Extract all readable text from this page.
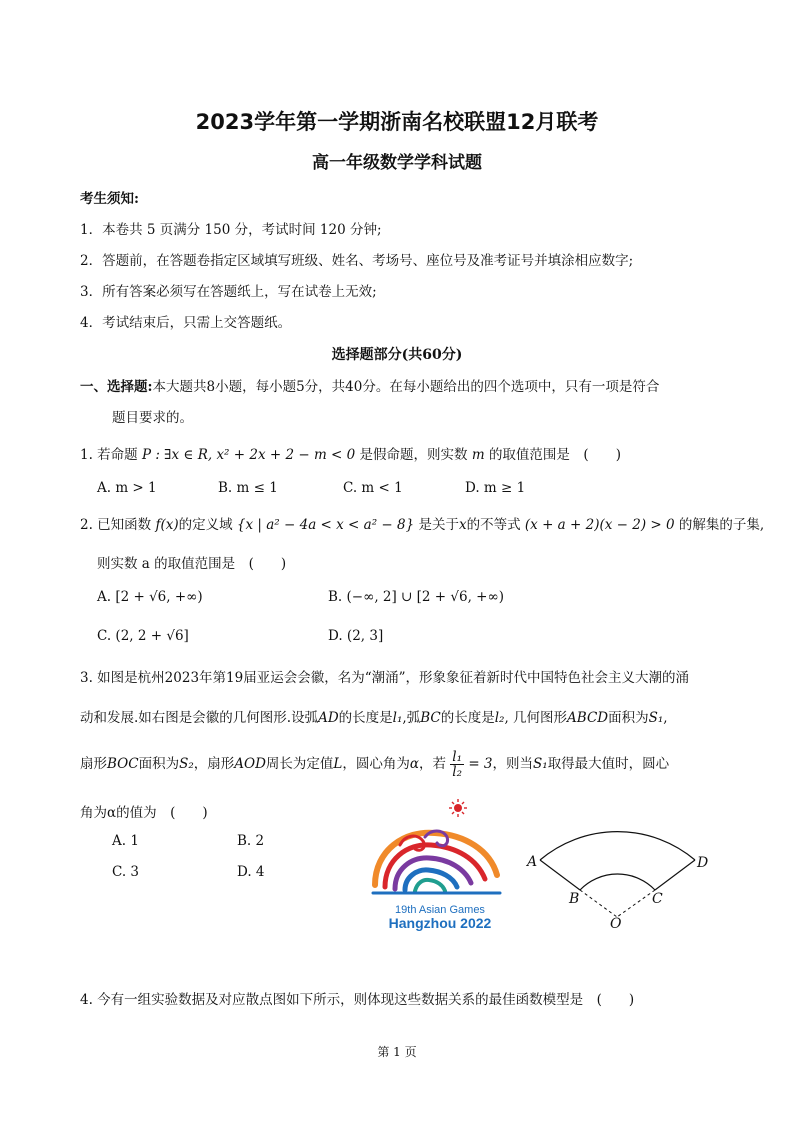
2023学年第一学期浙南名校联盟12月联考
高一年级数学学科试题
考生须知:
1．本卷共 5 页满分 150 分，考试时间 120 分钟;
2．答题前，在答题卷指定区域填写班级、姓名、考场号、座位号及准考证号并填涂相应数字;
3．所有答案必须写在答题纸上，写在试卷上无效;
4．考试结束后，只需上交答题纸。
选择题部分(共60分)
一、选择题:本大题共8小题，每小题5分，共40分。在每小题给出的四个选项中，只有一项是符合
题目要求的。
1. 若命题 P : ∃x ∈ R, x² + 2x + 2 − m < 0 是假命题，则实数 m 的取值范围是　(　　)
A. m > 1	B. m ≤ 1	C. m < 1	D. m ≥ 1
2. 已知函数 f(x)的定义域 {x | a² − 4a < x < a² − 8} 是关于x的不等式 (x + a + 2)(x − 2) > 0 的解集的子集,
则实数 a 的取值范围是　(　　)
A. [2 + √6, +∞)	B. (−∞, 2] ∪ [2 + √6, +∞)
C. (2, 2 + √6]	D. (2, 3]
3. 如图是杭州2023年第19届亚运会会徽，名为“潮涌”，形象象征着新时代中国特色社会主义大潮的涌
动和发展.如右图是会徽的几何图形.设弧AD的长度是l₁,弧BC的长度是l₂, 几何图形ABCD面积为S₁,
扇形BOC面积为S₂，扇形AOD周长为定值L，圆心角为α，若 $\frac{\text{l₁}}{\text{l₂}} = 3$，则当S₁取得最大值时，圆心
角为α的值为　(　　)
A. 1	B. 2
C. 3	D. 4
19th Asian Games
Hangzhou 2022
A	D
B	C
O
4. 今有一组实验数据及对应散点图如下所示，则体现这些数据关系的最佳函数模型是　(　　)
第 1 页
